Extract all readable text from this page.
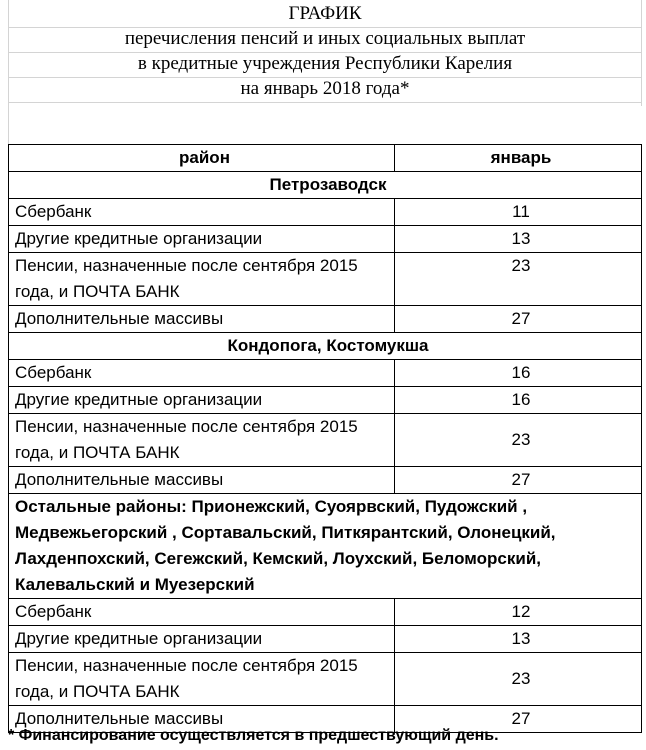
ГРАФИК
перечисления пенсий и иных социальных выплат
в кредитные учреждения Республики Карелия
на январь 2018 года*
район	январь
Петрозаводск	
Сбербанк	11
Другие кредитные организации	13
Пенсии, назначенные после сентября 2015 года, и ПОЧТА БАНК	23
Дополнительные массивы	27
Кондопога, Костомукша	
Сбербанк	16
Другие кредитные организации	16
Пенсии, назначенные после сентября 2015 года, и ПОЧТА БАНК	23
Дополнительные массивы	27
Остальные районы: Прионежский, Суоярвский, Пудожский , Медвежьегорский , Сортавальский, Питкярантский, Олонецкий, Лахденпохский, Сегежский, Кемский, Лоухский, Беломорский, Калевальский и Муезерский	
Сбербанк	12
Другие кредитные организации	13
Пенсии, назначенные после сентября 2015 года, и ПОЧТА БАНК	23
Дополнительные массивы	27
* Финансирование осуществляется в предшествующий день.
